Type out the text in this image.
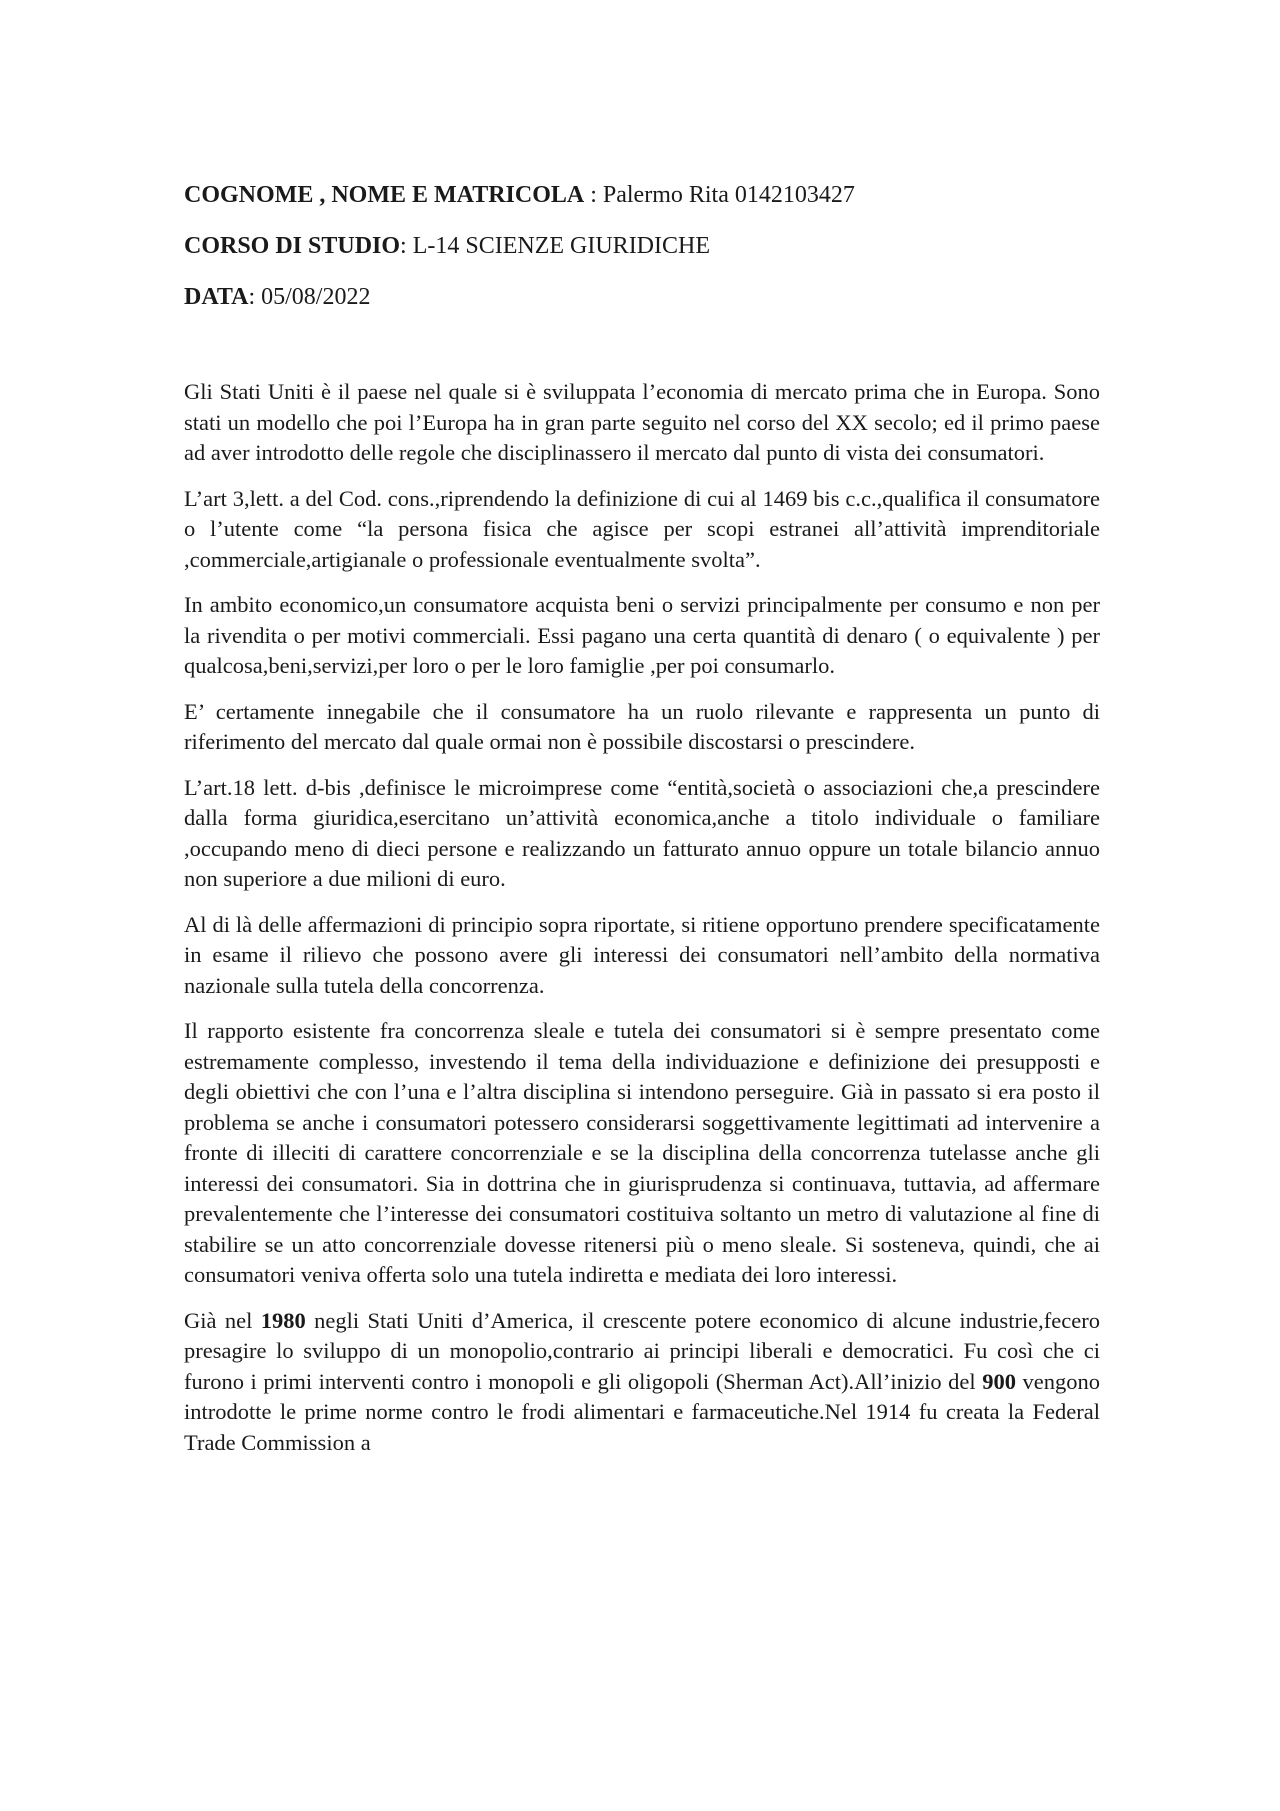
COGNOME , NOME E MATRICOLA : Palermo Rita 0142103427
CORSO DI STUDIO: L-14 SCIENZE GIURIDICHE
DATA: 05/08/2022

Gli Stati Uniti è il paese nel quale si è sviluppata l’economia di mercato prima che in Europa. Sono stati un modello che poi l’Europa ha in gran parte seguito nel corso del XX secolo; ed il primo paese ad aver introdotto delle regole che disciplinassero il mercato dal punto di vista dei consumatori.

L’art 3,lett. a del Cod. cons.,riprendendo la definizione di cui al 1469 bis c.c.,qualifica il consumatore o l’utente come “la persona fisica che agisce per scopi estranei all’attività imprenditoriale ,commerciale,artigianale o professionale eventualmente svolta”.

In ambito economico,un consumatore acquista beni o servizi principalmente per consumo e non per la rivendita o per motivi commerciali. Essi pagano una certa quantità di denaro ( o equivalente ) per qualcosa,beni,servizi,per loro o per le loro famiglie ,per poi consumarlo.

E’ certamente innegabile che il consumatore ha un ruolo rilevante e rappresenta un punto di riferimento del mercato dal quale ormai non è possibile discostarsi o prescindere.

L’art.18 lett. d-bis ,definisce le microimprese come “entità,società o associazioni che,a prescindere dalla forma giuridica,esercitano un’attività economica,anche a titolo individuale o familiare ,occupando meno di dieci persone e realizzando un fatturato annuo oppure un totale bilancio annuo non superiore a due milioni di euro.

Al di là delle affermazioni di principio sopra riportate, si ritiene opportuno prendere specificatamente in esame il rilievo che possono avere gli interessi dei consumatori nell’ambito della normativa nazionale sulla tutela della concorrenza.

Il rapporto esistente fra concorrenza sleale e tutela dei consumatori si è sempre presentato come estremamente complesso, investendo il tema della individuazione e definizione dei presupposti e degli obiettivi che con l’una e l’altra disciplina si intendono perseguire. Già in passato si era posto il problema se anche i consumatori potessero considerarsi soggettivamente legittimati ad intervenire a fronte di illeciti di carattere concorrenziale e se la disciplina della concorrenza tutelasse anche gli interessi dei consumatori. Sia in dottrina che in giurisprudenza si continuava, tuttavia, ad affermare prevalentemente che l’interesse dei consumatori costituiva soltanto un metro di valutazione al fine di stabilire se un atto concorrenziale dovesse ritenersi più o meno sleale. Si sosteneva, quindi, che ai consumatori veniva offerta solo una tutela indiretta e mediata dei loro interessi.

Già nel 1980 negli Stati Uniti d’America, il crescente potere economico di alcune industrie,fecero presagire lo sviluppo di un monopolio,contrario ai principi liberali e democratici. Fu così che ci furono i primi interventi contro i monopoli e gli oligopoli (Sherman Act).All’inizio del 900 vengono introdotte le prime norme contro le frodi alimentari e farmaceutiche.Nel 1914 fu creata la Federal Trade Commission a
